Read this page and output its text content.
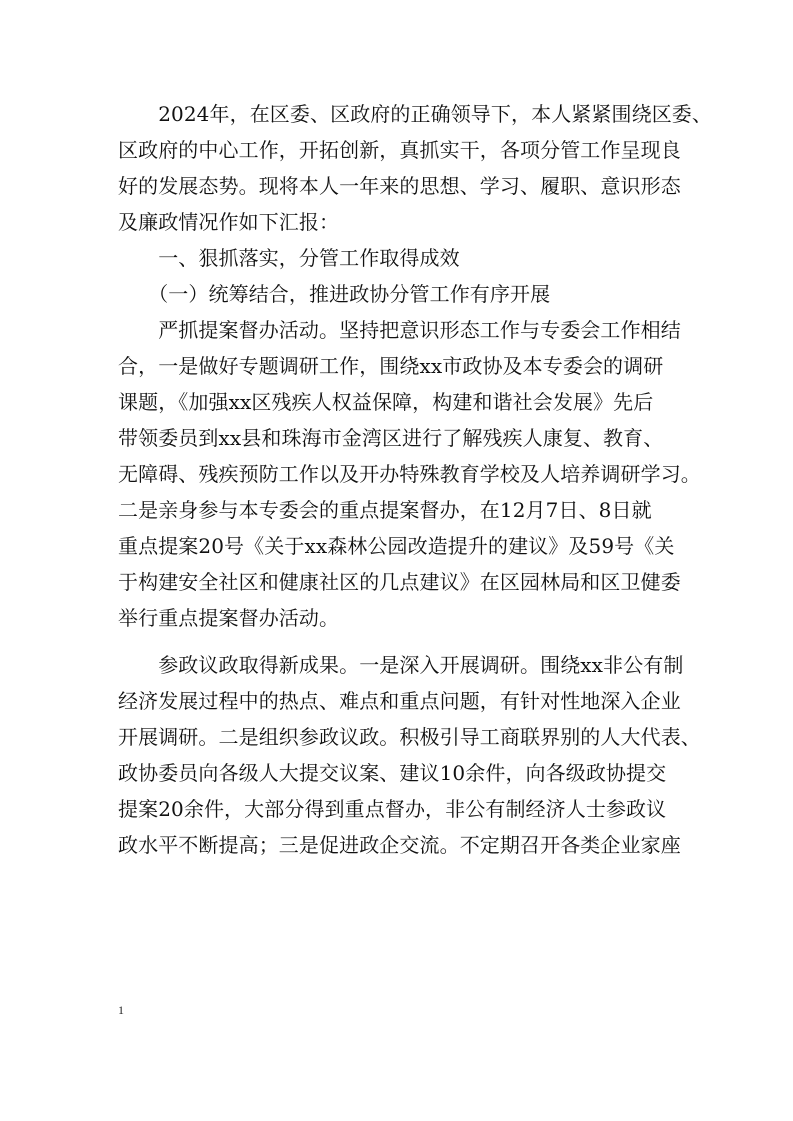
　　2024年，在区委、区政府的正确领导下，本人紧紧围绕区委、
区政府的中心工作，开拓创新，真抓实干，各项分管工作呈现良
好的发展态势。现将本人一年来的思想、学习、履职、意识形态
及廉政情况作如下汇报：
　　一、狠抓落实，分管工作取得成效
　　（一）统筹结合，推进政协分管工作有序开展
　　严抓提案督办活动。坚持把意识形态工作与专委会工作相结
合，一是做好专题调研工作，围绕xx市政协及本专委会的调研
课题，《加强xx区残疾人权益保障，构建和谐社会发展》先后
带领委员到xx县和珠海市金湾区进行了解残疾人康复、教育、
无障碍、残疾预防工作以及开办特殊教育学校及人培养调研学习。
二是亲身参与本专委会的重点提案督办，在12月7日、8日就
重点提案20号《关于xx森林公园改造提升的建议》及59号《关
于构建安全社区和健康社区的几点建议》在区园林局和区卫健委
举行重点提案督办活动。
　　参政议政取得新成果。一是深入开展调研。围绕xx非公有制
经济发展过程中的热点、难点和重点问题，有针对性地深入企业
开展调研。二是组织参政议政。积极引导工商联界别的人大代表、
政协委员向各级人大提交议案、建议10余件，向各级政协提交
提案20余件，大部分得到重点督办，非公有制经济人士参政议
政水平不断提高；三是促进政企交流。不定期召开各类企业家座
1
